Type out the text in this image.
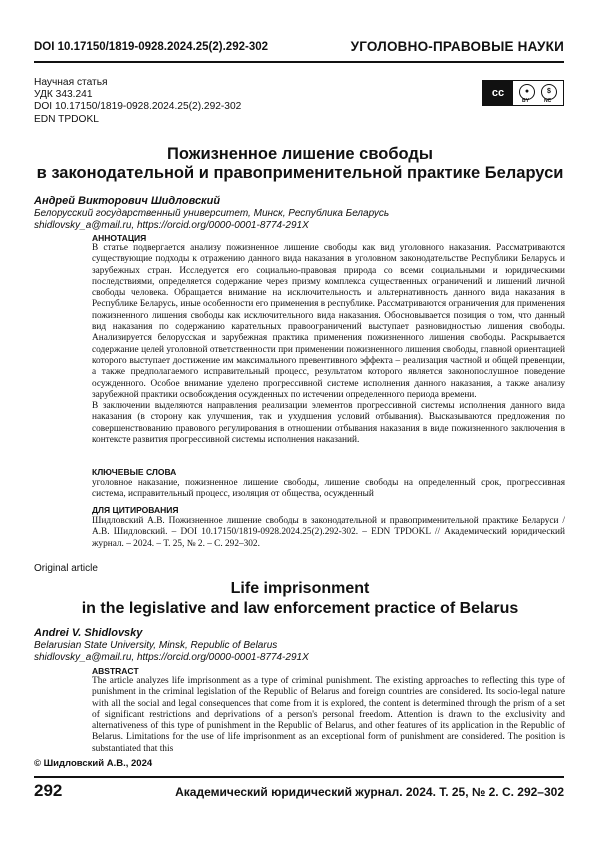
DOI 10.17150/1819-0928.2024.25(2).292-302	УГОЛОВНО-ПРАВОВЫЕ НАУКИ
Научная статья
УДК 343.241
DOI 10.17150/1819-0928.2024.25(2).292-302
EDN TPDOKL
cc	●	$
BY	NC
Пожизненное лишение свободы
в законодательной и правоприменительной практике Беларуси
Андрей Викторович Шидловский
Белорусский государственный университет, Минск, Республика Беларусь
shidlovsky_a@mail.ru, https://orcid.org/0000-0001-8774-291X
АННОТАЦИЯ

В статье подвергается анализу пожизненное лишение свободы как вид уголовного наказания. Рассматриваются существующие подходы к отражению данного вида наказания в уголовном законодательстве Республики Беларусь и зарубежных стран. Исследуется его социально-правовая природа со всеми социальными и юридическими последствиями, определяется содержание через призму комплекса существенных ограничений и лишений личной свободы человека. Обращается внимание на исключительность и альтернативность данного вида наказания в Республике Беларусь, иные особенности его применения в республике. Рассматриваются ограничения для применения пожизненного лишения свободы как исключительного вида наказания. Обосновывается позиция о том, что данный вид наказания по содержанию карательных правоограничений выступает разновидностью лишения свободы. Анализируется белорусская и зарубежная практика применения пожизненного лишения свободы. Раскрывается содержание целей уголовной ответственности при применении пожизненного лишения свободы, главной ориентацией которого выступает достижение им максимального превентивного эффекта – реализация частной и общей превенции, а также предполагаемого исправительный процесс, результатом которого является законопослушное поведение осужденного. Особое внимание уделено прогрессивной системе исполнения данного наказания, а также анализу зарубежной практики освобождения осужденных по истечении определенного периода времени.

В заключении выделяются направления реализации элементов прогрессивной системы исполнения данного вида наказания (в сторону как улучшения, так и ухудшения условий отбывания). Высказываются предложения по совершенствованию правового регулирования в отношении отбывания наказания в виде пожизненного заключения в контексте развития прогрессивной системы исполнения наказаний.

КЛЮЧЕВЫЕ СЛОВА
уголовное наказание, пожизненное лишение свободы, лишение свободы на определенный срок, прогрессивная система, исправительный процесс, изоляция от общества, осужденный
ДЛЯ ЦИТИРОВАНИЯ
Шидловский А.В. Пожизненное лишение свободы в законодательной и правоприменительной практике Беларуси / А.В. Шидловский. – DOI 10.17150/1819-0928.2024.25(2).292-302. – EDN TPDOKL // Академический юридический журнал. – 2024. – Т. 25, № 2. – С. 292–302.
Original article
Life imprisonment
in the legislative and law enforcement practice of Belarus
Andrei V. Shidlovsky
Belarusian State University, Minsk, Republic of Belarus
shidlovsky_a@mail.ru, https://orcid.org/0000-0001-8774-291X
ABSTRACT
The article analyzes life imprisonment as a type of criminal punishment. The existing approaches to reflecting this type of punishment in the criminal legislation of the Republic of Belarus and foreign countries are considered. Its socio-legal nature with all the social and legal consequences that come from it is explored, the content is determined through the prism of a set of significant restrictions and deprivations of a person's personal freedom. Attention is drawn to the exclusivity and alternativeness of this type of punishment in the Republic of Belarus, and other features of its application in the Republic of Belarus. Limitations for the use of life imprisonment as an exceptional form of punishment are considered. The position is substantiated that this
© Шидловский А.В., 2024
292	Академический юридический журнал. 2024. Т. 25, № 2. С. 292–302
